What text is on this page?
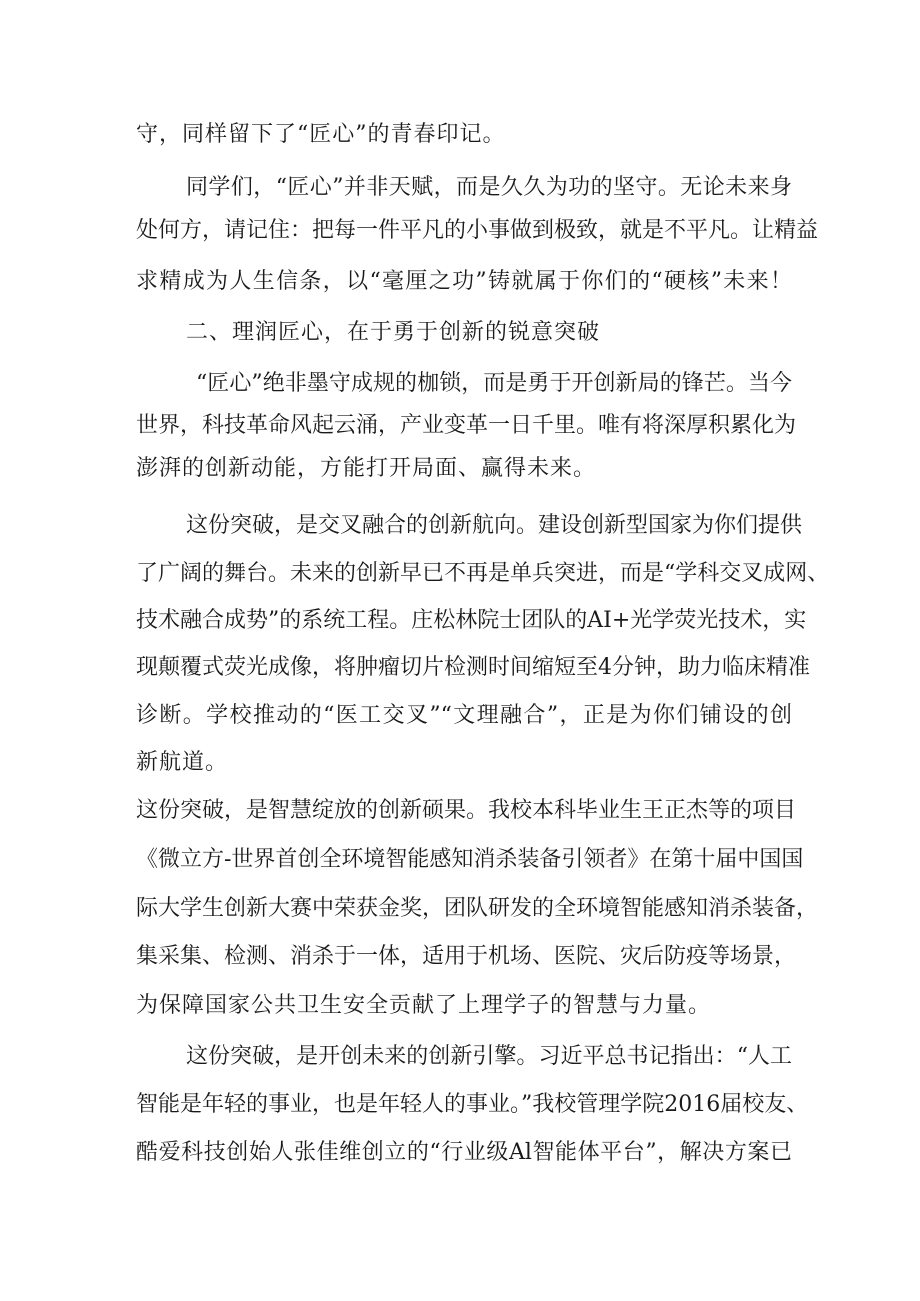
守，同样留下了“匠心”的青春印记。

同学们，“匠心”并非天赋，而是久久为功的坚守。无论未来身

处何方，请记住：把每一件平凡的小事做到极致，就是不平凡。让精益

求精成为人生信条，以“毫厘之功”铸就属于你们的“硬核”未来！

二、理润匠心，在于勇于创新的锐意突破

“匠心”绝非墨守成规的枷锁，而是勇于开创新局的锋芒。当今

世界，科技革命风起云涌，产业变革一日千里。唯有将深厚积累化为

澎湃的创新动能，方能打开局面、赢得未来。

这份突破，是交叉融合的创新航向。建设创新型国家为你们提供

了广阔的舞台。未来的创新早已不再是单兵突进，而是“学科交叉成网、

技术融合成势”的系统工程。庄松林院士团队的AI+光学荧光技术，实

现颠覆式荧光成像，将肿瘤切片检测时间缩短至4分钟，助力临床精准

诊断。学校推动的“医工交叉”“文理融合”，正是为你们铺设的创

新航道。

这份突破，是智慧绽放的创新硕果。我校本科毕业生王正杰等的项目

《微立方-世界首创全环境智能感知消杀装备引领者》在第十届中国国

际大学生创新大赛中荣获金奖，团队研发的全环境智能感知消杀装备，

集采集、检测、消杀于一体，适用于机场、医院、灾后防疫等场景，

为保障国家公共卫生安全贡献了上理学子的智慧与力量。

这份突破，是开创未来的创新引擎。习近平总书记指出：“人工

智能是年轻的事业，也是年轻人的事业。”我校管理学院2016届校友、

酷爱科技创始人张佳维创立的“行业级Al智能体平台”，解决方案已
